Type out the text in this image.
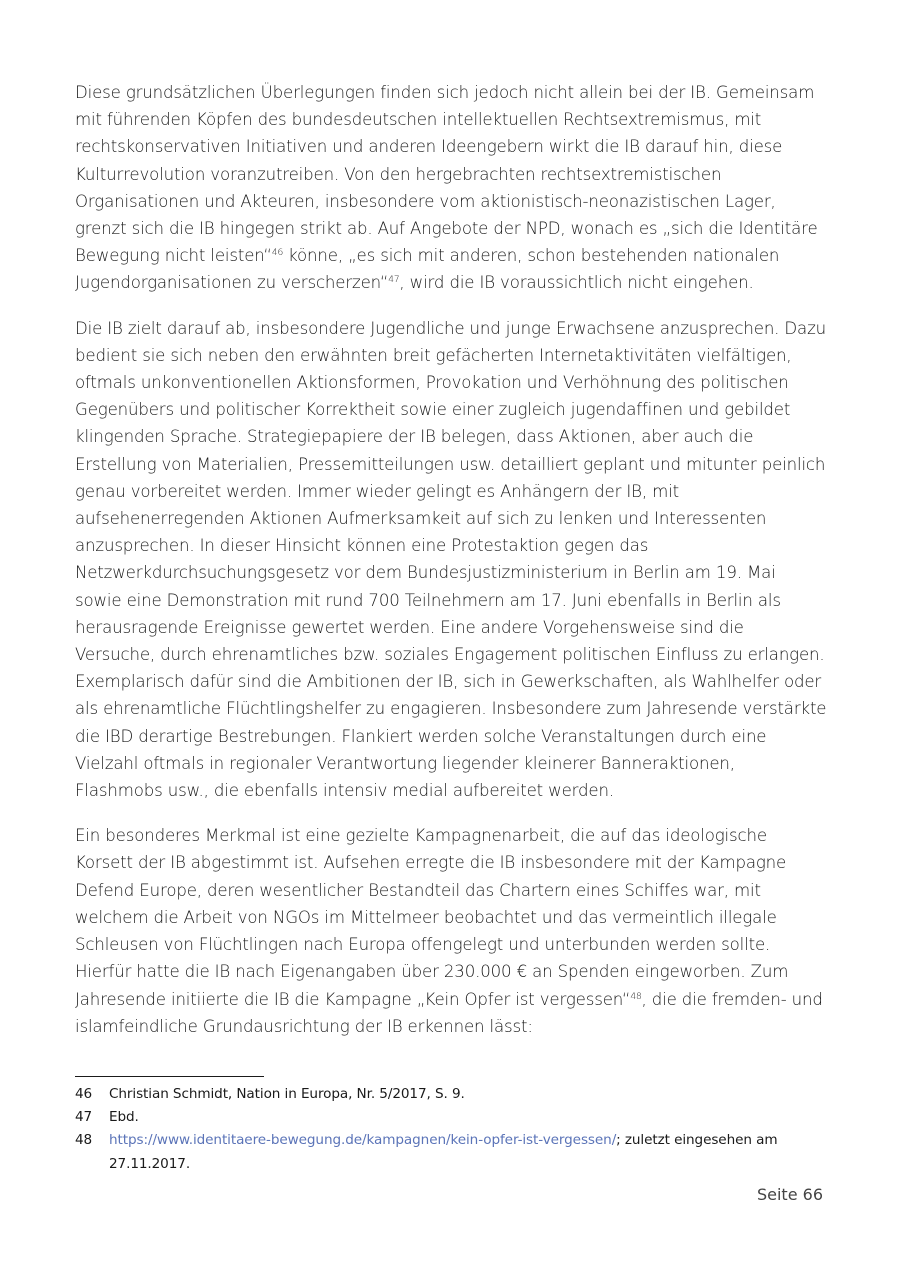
Diese grundsätzlichen Überlegungen finden sich jedoch nicht allein bei der IB. Gemeinsam mit führenden Köpfen des bundesdeutschen intellektuellen Rechtsextremismus, mit rechtskonservativen Initiativen und anderen Ideengebern wirkt die IB darauf hin, diese Kulturrevolution voranzutreiben. Von den hergebrachten rechtsextremistischen Organisationen und Akteuren, insbesondere vom aktionistisch-neonazistischen Lager, grenzt sich die IB hingegen strikt ab. Auf Angebote der NPD, wonach es „sich die Identitäre Bewegung nicht leisten“$^{46}$ könne, „es sich mit anderen, schon bestehenden nationalen Jugendorganisationen zu verscherzen“$^{47}$, wird die IB voraussichtlich nicht eingehen.

Die IB zielt darauf ab, insbesondere Jugendliche und junge Erwachsene anzusprechen. Dazu bedient sie sich neben den erwähnten breit gefächerten Internetaktivitäten vielfältigen, oftmals unkonventionellen Aktionsformen, Provokation und Verhöhnung des politischen Gegenübers und politischer Korrektheit sowie einer zugleich jugendaffinen und gebildet klingenden Sprache. Strategiepapiere der IB belegen, dass Aktionen, aber auch die Erstellung von Materialien, Pressemitteilungen usw. detailliert geplant und mitunter peinlich genau vorbereitet werden. Immer wieder gelingt es Anhängern der IB, mit aufsehenerregenden Aktionen Aufmerksamkeit auf sich zu lenken und Interessenten anzusprechen. In dieser Hinsicht können eine Protestaktion gegen das Netzwerkdurchsuchungsgesetz vor dem Bundesjustizministerium in Berlin am 19. Mai sowie eine Demonstration mit rund 700 Teilnehmern am 17. Juni ebenfalls in Berlin als herausragende Ereignisse gewertet werden. Eine andere Vorgehensweise sind die Versuche, durch ehrenamtliches bzw. soziales Engagement politischen Einfluss zu erlangen. Exemplarisch dafür sind die Ambitionen der IB, sich in Gewerkschaften, als Wahlhelfer oder als ehrenamtliche Flüchtlingshelfer zu engagieren. Insbesondere zum Jahresende verstärkte die IBD derartige Bestrebungen. Flankiert werden solche Veranstaltungen durch eine Vielzahl oftmals in regionaler Verantwortung liegender kleinerer Banneraktionen, Flashmobs usw., die ebenfalls intensiv medial aufbereitet werden.

Ein besonderes Merkmal ist eine gezielte Kampagnenarbeit, die auf das ideologische Korsett der IB abgestimmt ist. Aufsehen erregte die IB insbesondere mit der Kampagne Defend Europe, deren wesentlicher Bestandteil das Chartern eines Schiffes war, mit welchem die Arbeit von NGOs im Mittelmeer beobachtet und das vermeintlich illegale Schleusen von Flüchtlingen nach Europa offengelegt und unterbunden werden sollte. Hierfür hatte die IB nach Eigenangaben über 230.000 € an Spenden eingeworben. Zum Jahresende initiierte die IB die Kampagne „Kein Opfer ist vergessen“$^{48}$, die die fremden- und islamfeindliche Grundausrichtung der IB erkennen lässt:

46	Christian Schmidt, Nation in Europa, Nr. 5/2017, S. 9.
47	Ebd.
48	https://www.identitaere-bewegung.de/kampagnen/kein-opfer-ist-vergessen/; zuletzt eingesehen am 27.11.2017.
Seite 66
